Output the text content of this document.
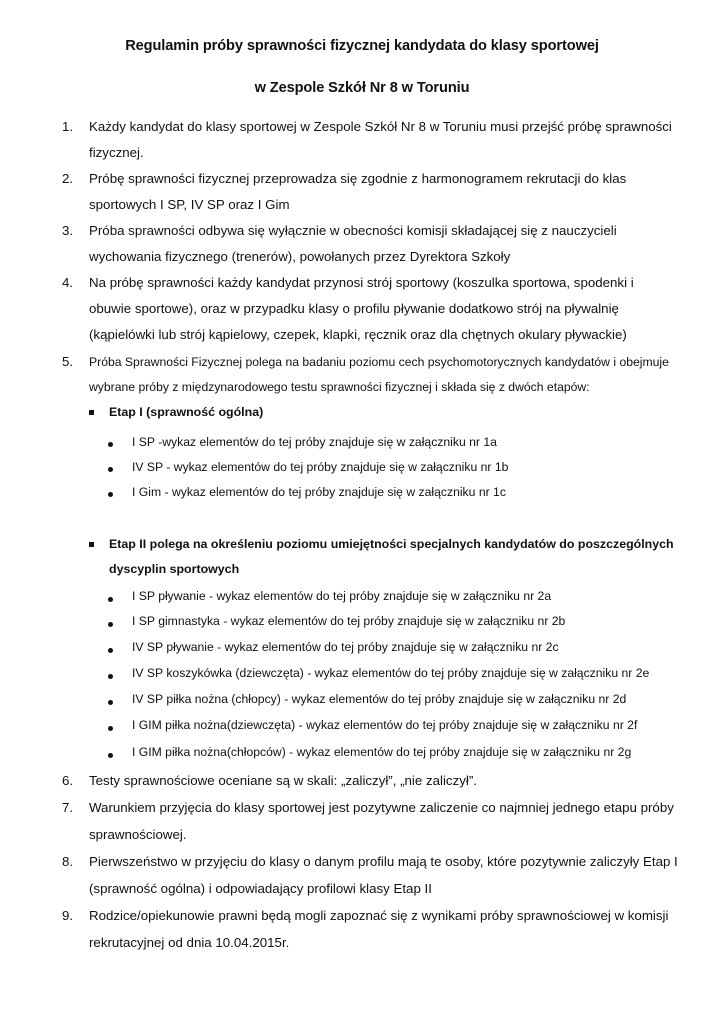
Regulamin próby sprawności fizycznej kandydata do klasy sportowej
w Zespole Szkół Nr 8 w Toruniu
1. Każdy kandydat do klasy sportowej w Zespole Szkół Nr 8 w Toruniu musi przejść próbę sprawności
fizycznej.
2. Próbę sprawności fizycznej przeprowadza się zgodnie z harmonogramem rekrutacji do klas
sportowych I SP, IV SP oraz I Gim
3. Próba sprawności odbywa się wyłącznie w obecności komisji składającej się z nauczycieli
wychowania fizycznego (trenerów), powołanych przez Dyrektora Szkoły
4. Na próbę sprawności każdy kandydat przynosi strój sportowy (koszulka sportowa, spodenki i
obuwie sportowe), oraz w przypadku klasy o profilu pływanie dodatkowo strój na pływalnię
(kąpielówki lub strój kąpielowy, czepek, klapki, ręcznik oraz dla chętnych okulary pływackie)
5. Próba Sprawności Fizycznej polega na badaniu poziomu cech psychomotorycznych kandydatów i obejmuje
wybrane próby z międzynarodowego testu sprawności fizycznej i składa się z dwóch etapów:
Etap I (sprawność ogólna)
I SP -wykaz elementów do tej próby znajduje się w załączniku nr 1a
IV SP - wykaz elementów do tej próby znajduje się w załączniku nr 1b
I Gim - wykaz elementów do tej próby znajduje się w załączniku nr 1c
Etap II polega na określeniu poziomu umiejętności specjalnych kandydatów do poszczególnych
dyscyplin sportowych
I SP pływanie - wykaz elementów do tej próby znajduje się w załączniku nr 2a
I SP gimnastyka - wykaz elementów do tej próby znajduje się w załączniku nr 2b
IV SP pływanie - wykaz elementów do tej próby znajduje się w załączniku nr 2c
IV SP koszykówka (dziewczęta) - wykaz elementów do tej próby znajduje się w załączniku nr 2e
IV SP piłka nożna (chłopcy) - wykaz elementów do tej próby znajduje się w załączniku nr 2d
I GIM piłka nożna(dziewczęta) - wykaz elementów do tej próby znajduje się w załączniku nr 2f
I GIM piłka nożna(chłopców) - wykaz elementów do tej próby znajduje się w załączniku nr 2g
6. Testy sprawnościowe oceniane są w skali: „zaliczył”, „nie zaliczył”.
7. Warunkiem przyjęcia do klasy sportowej jest pozytywne zaliczenie co najmniej jednego etapu próby
sprawnościowej.
8. Pierwszeństwo w przyjęciu do klasy o danym profilu mają te osoby, które pozytywnie zaliczyły Etap I
(sprawność ogólna) i odpowiadający profilowi klasy Etap II
9. Rodzice/opiekunowie prawni będą mogli zapoznać się z wynikami próby sprawnościowej w komisji
rekrutacyjnej od dnia 10.04.2015r.
